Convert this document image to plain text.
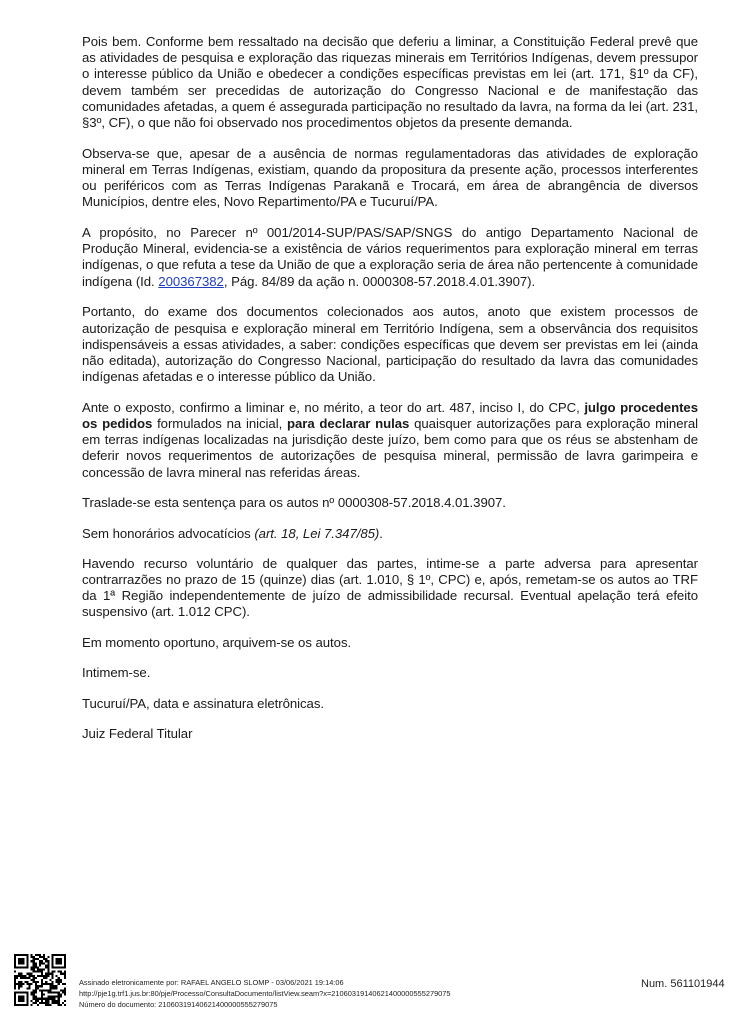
Pois bem. Conforme bem ressaltado na decisão que deferiu a liminar, a Constituição Federal prevê que as atividades de pesquisa e exploração das riquezas minerais em Territórios Indígenas, devem pressupor o interesse público da União e obedecer a condições específicas previstas em lei (art. 171, §1º da CF), devem também ser precedidas de autorização do Congresso Nacional e de manifestação das comunidades afetadas, a quem é assegurada participação no resultado da lavra, na forma da lei (art. 231, §3º, CF), o que não foi observado nos procedimentos objetos da presente demanda.

Observa-se que, apesar de a ausência de normas regulamentadoras das atividades de exploração mineral em Terras Indígenas, existiam, quando da propositura da presente ação, processos interferentes ou periféricos com as Terras Indígenas Parakanã e Trocará, em área de abrangência de diversos Municípios, dentre eles, Novo Repartimento/PA e Tucuruí/PA.

A propósito, no Parecer nº 001/2014-SUP/PAS/SAP/SNGS do antigo Departamento Nacional de Produção Mineral, evidencia-se a existência de vários requerimentos para exploração mineral em terras indígenas, o que refuta a tese da União de que a exploração seria de área não pertencente à comunidade indígena (Id. 200367382, Pág. 84/89 da ação n. 0000308-57.2018.4.01.3907).

Portanto, do exame dos documentos colecionados aos autos, anoto que existem processos de autorização de pesquisa e exploração mineral em Território Indígena, sem a observância dos requisitos indispensáveis a essas atividades, a saber: condições específicas que devem ser previstas em lei (ainda não editada), autorização do Congresso Nacional, participação do resultado da lavra das comunidades indígenas afetadas e o interesse público da União.

Ante o exposto, confirmo a liminar e, no mérito, a teor do art. 487, inciso I, do CPC, julgo procedentes os pedidos formulados na inicial, para declarar nulas quaisquer autorizações para exploração mineral em terras indígenas localizadas na jurisdição deste juízo, bem como para que os réus se abstenham de deferir novos requerimentos de autorizações de pesquisa mineral, permissão de lavra garimpeira e concessão de lavra mineral nas referidas áreas.

Traslade-se esta sentença para os autos nº 0000308-57.2018.4.01.3907.

Sem honorários advocatícios (art. 18, Lei 7.347/85).

Havendo recurso voluntário de qualquer das partes, intime-se a parte adversa para apresentar contrarrazões no prazo de 15 (quinze) dias (art. 1.010, § 1º, CPC) e, após, remetam-se os autos ao TRF da 1ª Região independentemente de juízo de admissibilidade recursal. Eventual apelação terá efeito suspensivo (art. 1.012 CPC).

Em momento oportuno, arquivem-se os autos.

Intimem-se.

Tucuruí/PA, data e assinatura eletrônicas.

Juiz Federal Titular

Assinado eletronicamente por: RAFAEL ANGELO SLOMP - 03/06/2021 19:14:06
http://pje1g.trf1.jus.br:80/pje/Processo/ConsultaDocumento/listView.seam?x=21060319140621400000555279075
Número do documento: 21060319140621400000555279075
Num. 561101944
